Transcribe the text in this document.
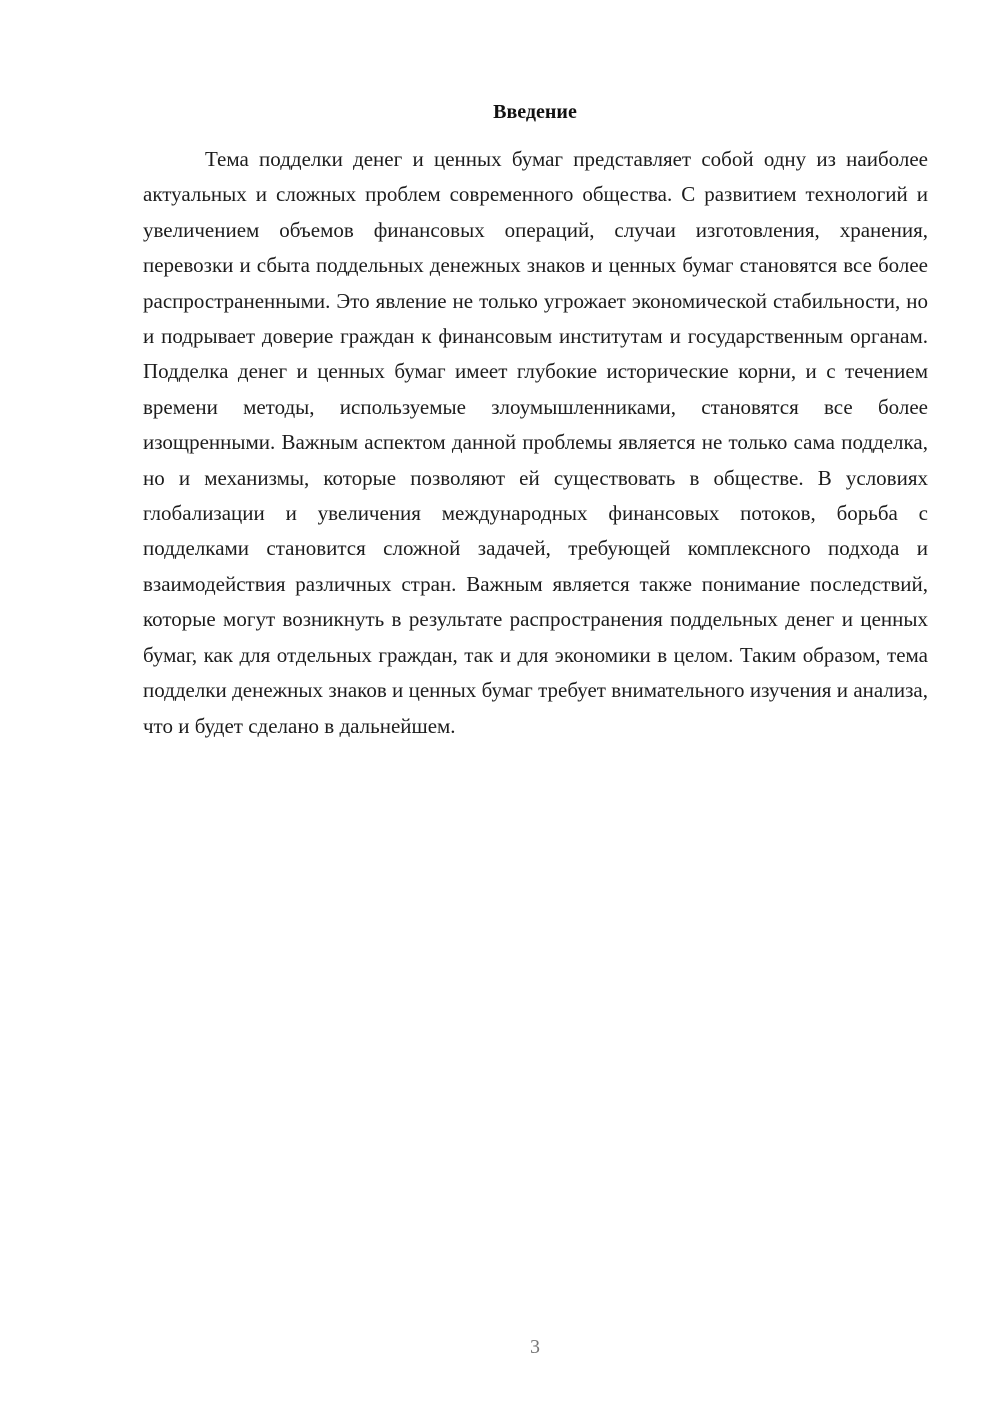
Введение

Тема подделки денег и ценных бумаг представляет собой одну из наиболее актуальных и сложных проблем современного общества. С развитием технологий и увеличением объемов финансовых операций, случаи изготовления, хранения, перевозки и сбыта поддельных денежных знаков и ценных бумаг становятся все более распространенными. Это явление не только угрожает экономической стабильности, но и подрывает доверие граждан к финансовым институтам и государственным органам. Подделка денег и ценных бумаг имеет глубокие исторические корни, и с течением времени методы, используемые злоумышленниками, становятся все более изощренными. Важным аспектом данной проблемы является не только сама подделка, но и механизмы, которые позволяют ей существовать в обществе. В условиях глобализации и увеличения международных финансовых потоков, борьба с подделками становится сложной задачей, требующей комплексного подхода и взаимодействия различных стран. Важным является также понимание последствий, которые могут возникнуть в результате распространения поддельных денег и ценных бумаг, как для отдельных граждан, так и для экономики в целом. Таким образом, тема подделки денежных знаков и ценных бумаг требует внимательного изучения и анализа, что и будет сделано в дальнейшем.

3
